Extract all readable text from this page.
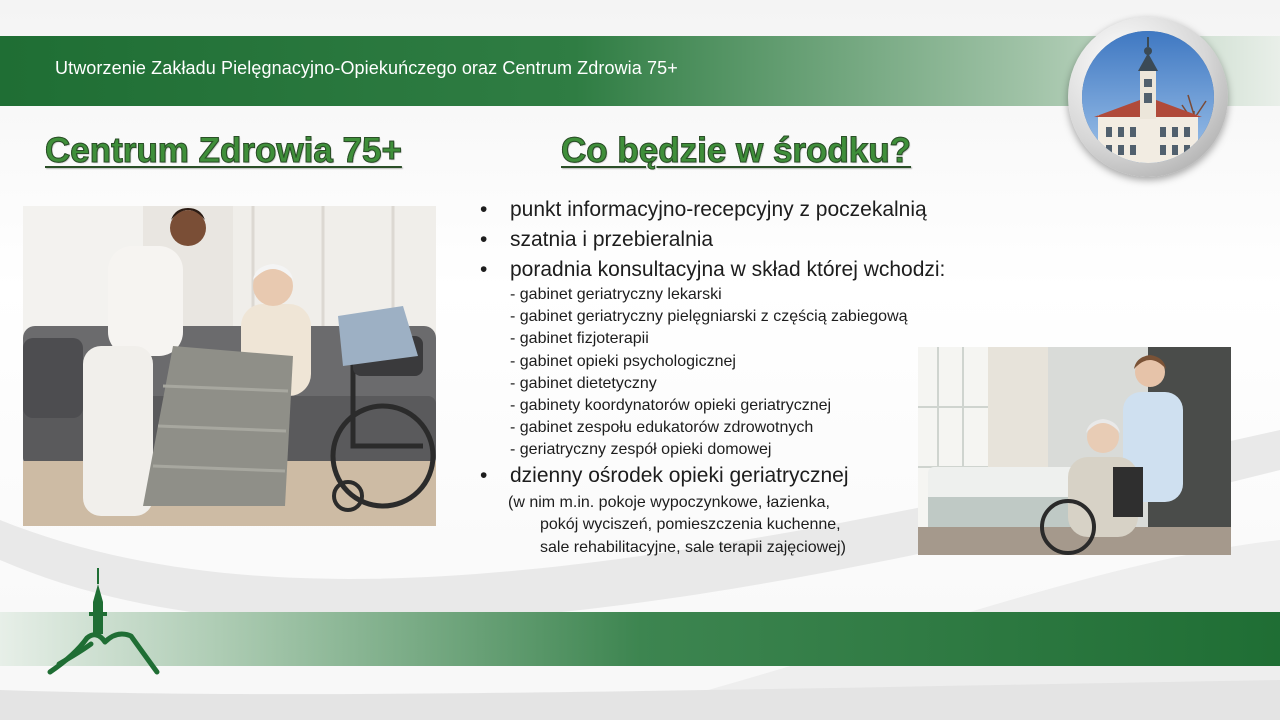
Utworzenie Zakładu Pielęgnacyjno-Opiekuńczego oraz Centrum Zdrowia 75+
Centrum Zdrowia 75+	Co będzie w środku?
• punkt informacyjno-recepcyjny z poczekalnią
• szatnia i przebieralnia
• poradnia konsultacyjna w skład której wchodzi:
- gabinet geriatryczny lekarski
- gabinet geriatryczny pielęgniarski z częścią zabiegową
- gabinet fizjoterapii
- gabinet opieki psychologicznej
- gabinet dietetyczny
- gabinety koordynatorów opieki geriatrycznej
- gabinet zespołu edukatorów zdrowotnych
- geriatryczny zespół opieki domowej
• dzienny ośrodek opieki geriatrycznej
(w nim m.in. pokoje wypoczynkowe, łazienka,
pokój wyciszeń, pomieszczenia kuchenne,
sale rehabilitacyjne, sale terapii zajęciowej)
